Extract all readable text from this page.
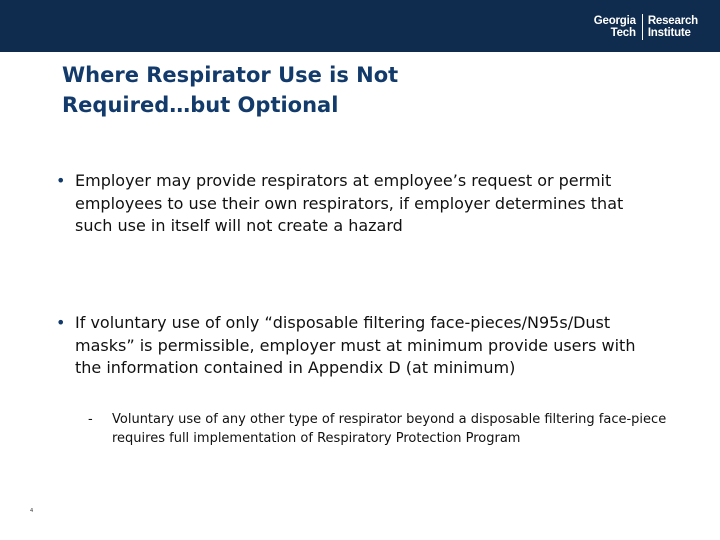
Georgia
Tech
Research
Institute
Where Respirator Use is Not
Required…but Optional
• Employer may provide respirators at employee’s request or permit employees to use their own respirators, if employer determines that such use in itself will not create a hazard
• If voluntary use of only “disposable filtering face-pieces/N95s/Dust masks” is permissible, employer must at minimum provide users with the information contained in Appendix D (at minimum)
- Voluntary use of any other type of respirator beyond a disposable filtering face-piece requires full implementation of Respiratory Protection Program
4
